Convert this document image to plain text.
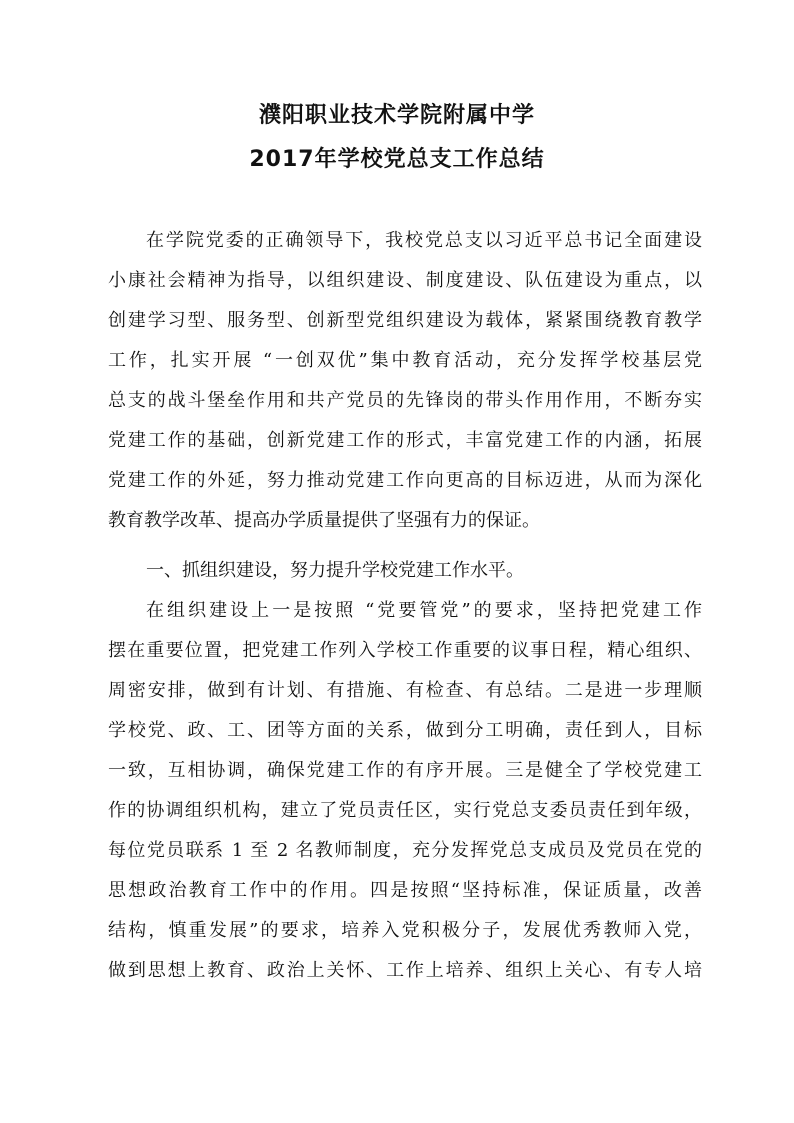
濮阳职业技术学院附属中学
2017年学校党总支工作总结
在学院党委的正确领导下，我校党总支以习近平总书记全面建设
小康社会精神为指导，以组织建设、制度建设、队伍建设为重点，以
创建学习型、服务型、创新型党组织建设为载体，紧紧围绕教育教学
工作，扎实开展 “一创双优”集中教育活动，充分发挥学校基层党
总支的战斗堡垒作用和共产党员的先锋岗的带头作用作用，不断夯实
党建工作的基础，创新党建工作的形式，丰富党建工作的内涵，拓展
党建工作的外延，努力推动党建工作向更高的目标迈进，从而为深化
教育教学改革、提高办学质量提供了坚强有力的保证。
一、抓组织建设，努力提升学校党建工作水平。
在组织建设上一是按照 “党要管党”的要求，坚持把党建工作
摆在重要位置，把党建工作列入学校工作重要的议事日程，精心组织、
周密安排，做到有计划、有措施、有检查、有总结。二是进一步理顺
学校党、政、工、团等方面的关系，做到分工明确，责任到人，目标
一致，互相协调，确保党建工作的有序开展。三是健全了学校党建工
作的协调组织机构，建立了党员责任区，实行党总支委员责任到年级，
每位党员联系 1 至 2 名教师制度，充分发挥党总支成员及党员在党的
思想政治教育工作中的作用。四是按照“坚持标准，保证质量，改善
结构，慎重发展”的要求，培养入党积极分子，发展优秀教师入党，
做到思想上教育、政治上关怀、工作上培养、组织上关心、有专人培
